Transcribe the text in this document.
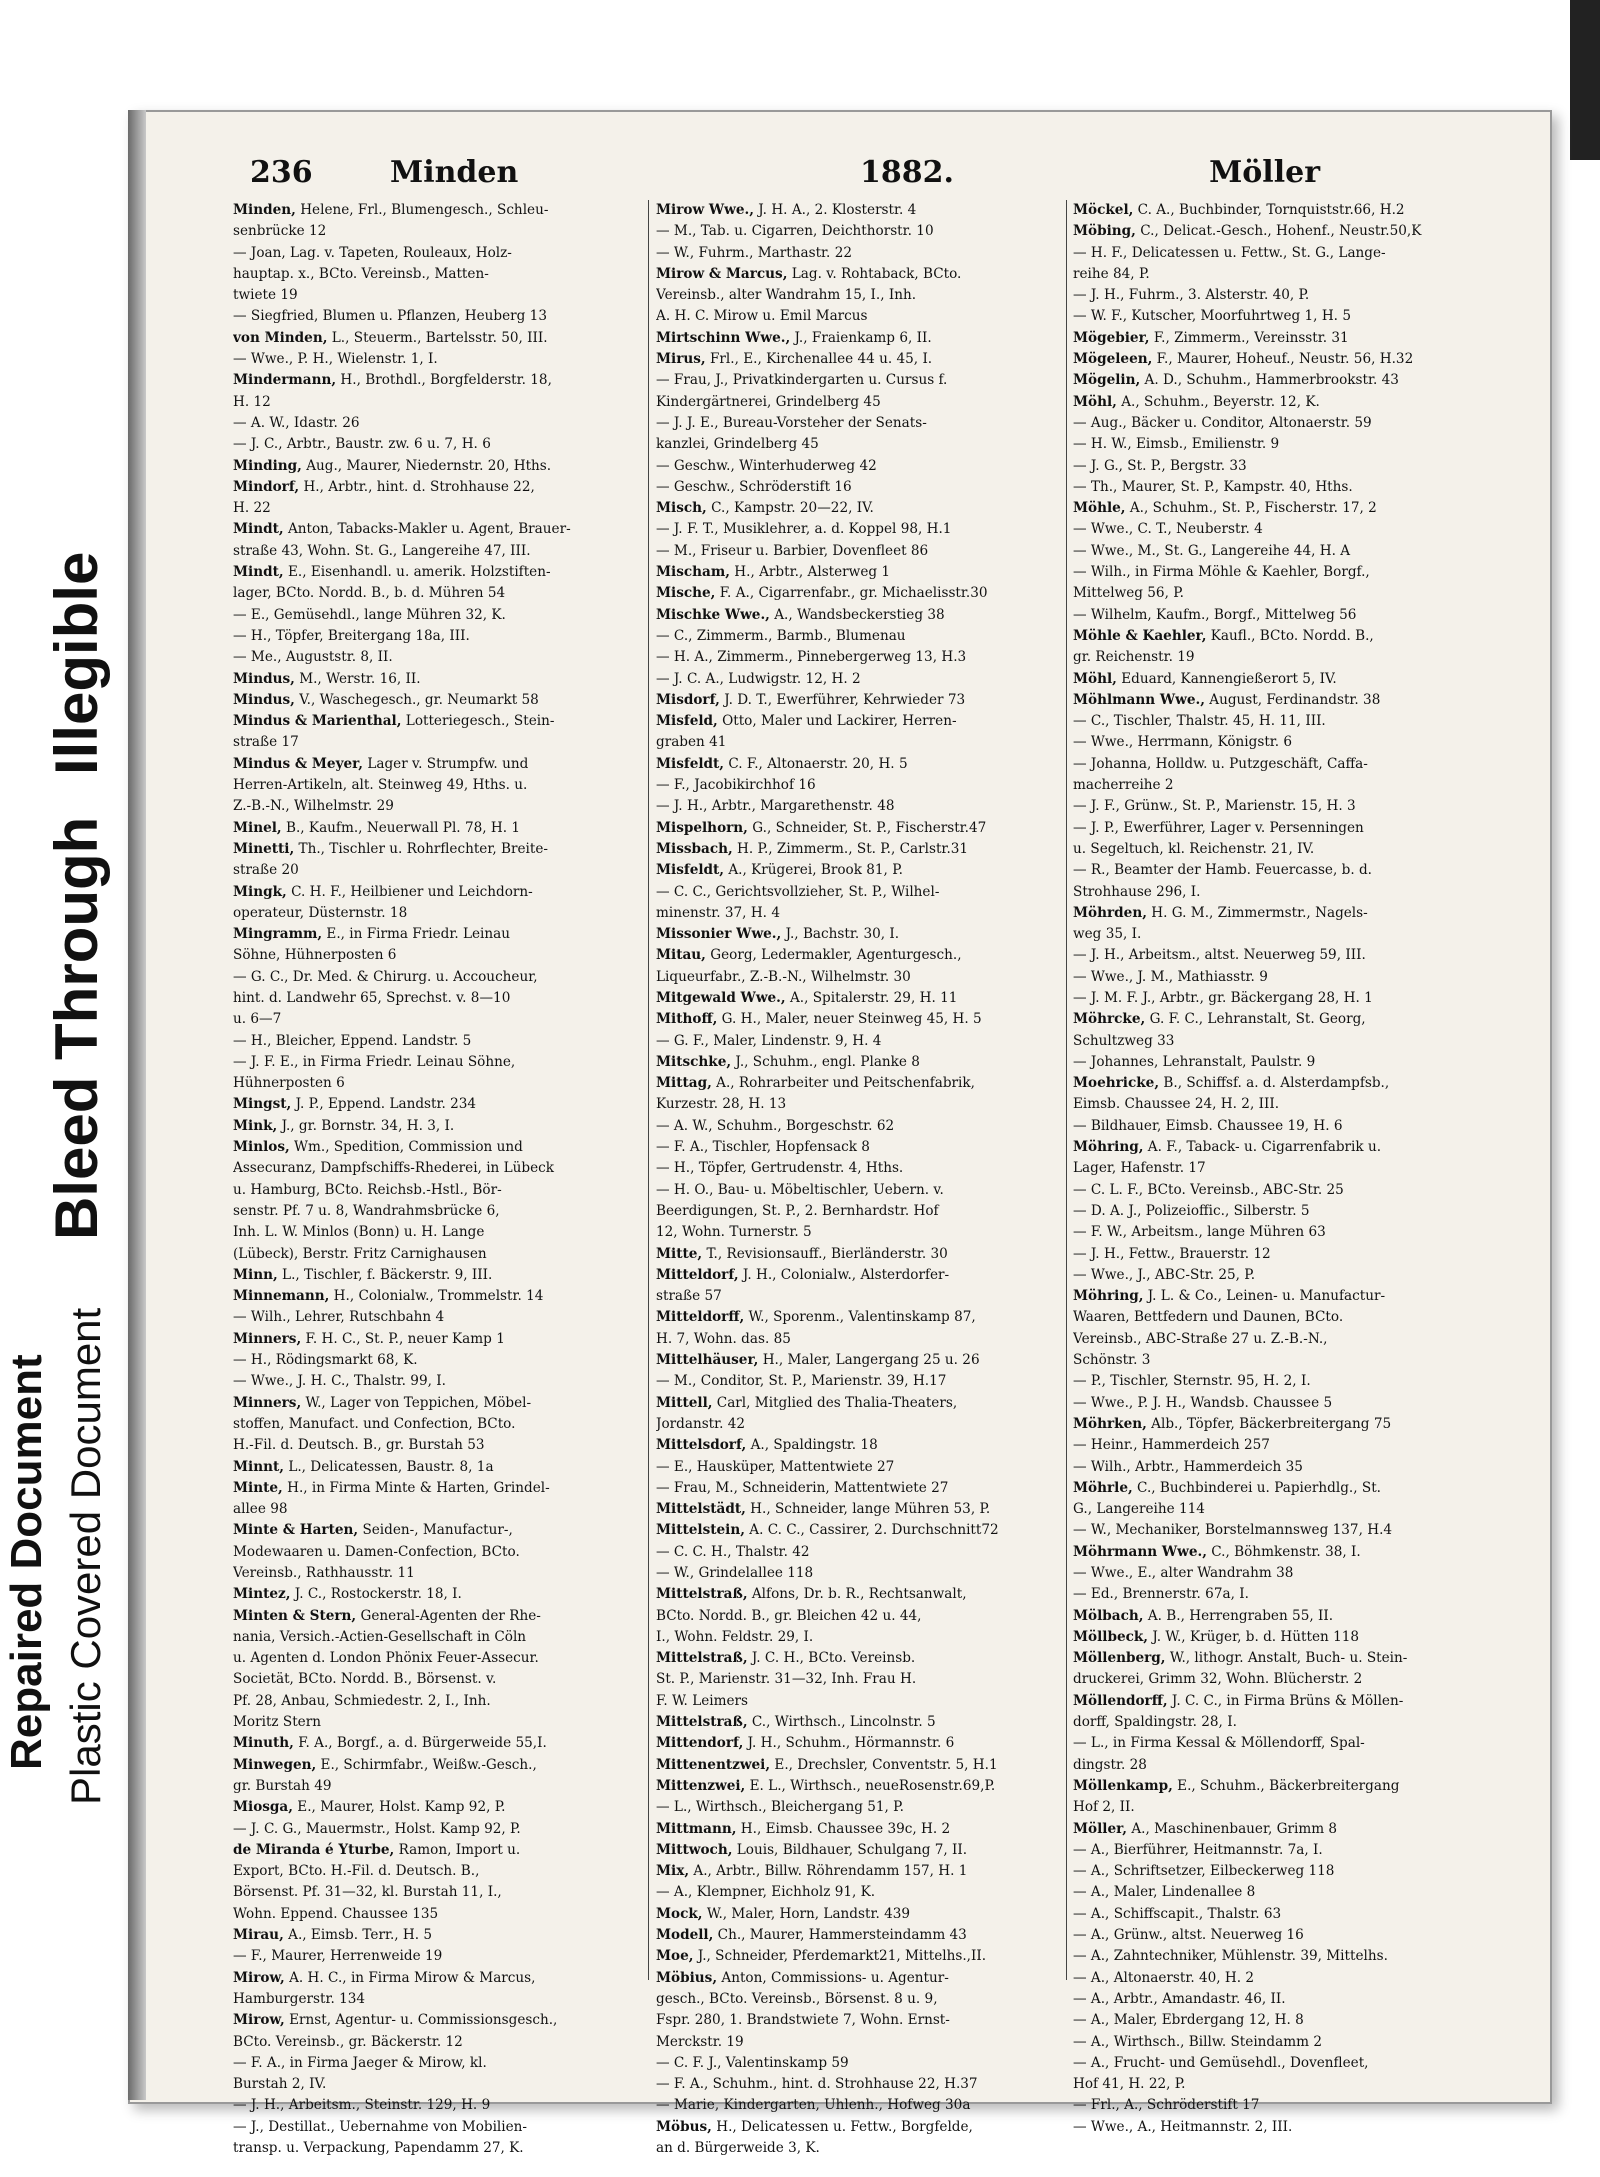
Repaired Document Plastic Covered Document
Bleed Through
Illegible
236	Minden	1882.	Möller
Minden, Helene, Frl., Blumengesch., Schleu-
senbrücke 12
— Joan, Lag. v. Tapeten, Rouleaux, Holz-
hauptap. x., BCto. Vereinsb., Matten-
twiete 19
— Siegfried, Blumen u. Pflanzen, Heuberg 13
von Minden, L., Steuerm., Bartelsstr. 50, III.
— Wwe., P. H., Wielenstr. 1, I.
Mindermann, H., Brothdl., Borgfelderstr. 18,
H. 12
— A. W., Idastr. 26
— J. C., Arbtr., Baustr. zw. 6 u. 7, H. 6
Minding, Aug., Maurer, Niedernstr. 20, Hths.
Mindorf, H., Arbtr., hint. d. Strohhause 22,
H. 22
Mindt, Anton, Tabacks-Makler u. Agent, Brauer-
straße 43, Wohn. St. G., Langereihe 47, III.
Mindt, E., Eisenhandl. u. amerik. Holzstiften-
lager, BCto. Nordd. B., b. d. Mühren 54
— E., Gemüsehdl., lange Mühren 32, K.
— H., Töpfer, Breitergang 18a, III.
— Me., Auguststr. 8, II.
Mindus, M., Werstr. 16, II.
Mindus, V., Waschegesch., gr. Neumarkt 58
Mindus & Marienthal, Lotteriegesch., Stein-
straße 17
Mindus & Meyer, Lager v. Strumpfw. und
Herren-Artikeln, alt. Steinweg 49, Hths. u.
Z.-B.-N., Wilhelmstr. 29
Minel, B., Kaufm., Neuerwall Pl. 78, H. 1
Minetti, Th., Tischler u. Rohrflechter, Breite-
straße 20
Mingk, C. H. F., Heilbiener und Leichdorn-
operateur, Düsternstr. 18
Mingramm, E., in Firma Friedr. Leinau
Söhne, Hühnerposten 6
— G. C., Dr. Med. & Chirurg. u. Accoucheur,
hint. d. Landwehr 65, Sprechst. v. 8—10
u. 6—7
— H., Bleicher, Eppend. Landstr. 5
— J. F. E., in Firma Friedr. Leinau Söhne,
Hühnerposten 6
Mingst, J. P., Eppend. Landstr. 234
Mink, J., gr. Bornstr. 34, H. 3, I.
Minlos, Wm., Spedition, Commission und
Assecuranz, Dampfschiffs-Rhederei, in Lübeck
u. Hamburg, BCto. Reichsb.-Hstl., Bör-
senstr. Pf. 7 u. 8, Wandrahmsbrücke 6,
Inh. L. W. Minlos (Bonn) u. H. Lange
(Lübeck), Berstr. Fritz Carnighausen
Minn, L., Tischler, f. Bäckerstr. 9, III.
Minnemann, H., Colonialw., Trommelstr. 14
— Wilh., Lehrer, Rutschbahn 4
Minners, F. H. C., St. P., neuer Kamp 1
— H., Rödingsmarkt 68, K.
— Wwe., J. H. C., Thalstr. 99, I.
Minners, W., Lager von Teppichen, Möbel-
stoffen, Manufact. und Confection, BCto.
H.-Fil. d. Deutsch. B., gr. Burstah 53
Minnt, L., Delicatessen, Baustr. 8, 1a
Minte, H., in Firma Minte & Harten, Grindel-
allee 98
Minte & Harten, Seiden-, Manufactur-,
Modewaaren u. Damen-Confection, BCto.
Vereinsb., Rathhausstr. 11
Mintez, J. C., Rostockerstr. 18, I.
Minten & Stern, General-Agenten der Rhe-
nania, Versich.-Actien-Gesellschaft in Cöln
u. Agenten d. London Phönix Feuer-Assecur.
Societät, BCto. Nordd. B., Börsenst. v.
Pf. 28, Anbau, Schmiedestr. 2, I., Inh.
Moritz Stern
Minuth, F. A., Borgf., a. d. Bürgerweide 55,I.
Minwegen, E., Schirmfabr., Weißw.-Gesch.,
gr. Burstah 49
Miosga, E., Maurer, Holst. Kamp 92, P.
— J. C. G., Mauermstr., Holst. Kamp 92, P.
de Miranda é Yturbe, Ramon, Import u.
Export, BCto. H.-Fil. d. Deutsch. B.,
Börsenst. Pf. 31—32, kl. Burstah 11, I.,
Wohn. Eppend. Chaussee 135
Mirau, A., Eimsb. Terr., H. 5
— F., Maurer, Herrenweide 19
Mirow, A. H. C., in Firma Mirow & Marcus,
Hamburgerstr. 134
Mirow, Ernst, Agentur- u. Commissionsgesch.,
BCto. Vereinsb., gr. Bäckerstr. 12
— F. A., in Firma Jaeger & Mirow, kl.
Burstah 2, IV.
— J. H., Arbeitsm., Steinstr. 129, H. 9
— J., Destillat., Uebernahme von Mobilien-
transp. u. Verpackung, Papendamm 27, K.
Mirow Wwe., J. H. A., 2. Klosterstr. 4
— M., Tab. u. Cigarren, Deichthorstr. 10
— W., Fuhrm., Marthastr. 22
Mirow & Marcus, Lag. v. Rohtaback, BCto.
Vereinsb., alter Wandrahm 15, I., Inh.
A. H. C. Mirow u. Emil Marcus
Mirtschinn Wwe., J., Fraienkamp 6, II.
Mirus, Frl., E., Kirchenallee 44 u. 45, I.
— Frau, J., Privatkindergarten u. Cursus f.
Kindergärtnerei, Grindelberg 45
— J. J. E., Bureau-Vorsteher der Senats-
kanzlei, Grindelberg 45
— Geschw., Winterhuderweg 42
— Geschw., Schröderstift 16
Misch, C., Kampstr. 20—22, IV.
— J. F. T., Musiklehrer, a. d. Koppel 98, H.1
— M., Friseur u. Barbier, Dovenfleet 86
Mischam, H., Arbtr., Alsterweg 1
Mische, F. A., Cigarrenfabr., gr. Michaelisstr.30
Mischke Wwe., A., Wandsbeckerstieg 38
— C., Zimmerm., Barmb., Blumenau
— H. A., Zimmerm., Pinnebergerweg 13, H.3
— J. C. A., Ludwigstr. 12, H. 2
Misdorf, J. D. T., Ewerführer, Kehrwieder 73
Misfeld, Otto, Maler und Lackirer, Herren-
graben 41
Misfeldt, C. F., Altonaerstr. 20, H. 5
— F., Jacobikirchhof 16
— J. H., Arbtr., Margarethenstr. 48
Mispelhorn, G., Schneider, St. P., Fischerstr.47
Missbach, H. P., Zimmerm., St. P., Carlstr.31
Misfeldt, A., Krügerei, Brook 81, P.
— C. C., Gerichtsvollzieher, St. P., Wilhel-
minenstr. 37, H. 4
Missonier Wwe., J., Bachstr. 30, I.
Mitau, Georg, Ledermakler, Agenturgesch.,
Liqueurfabr., Z.-B.-N., Wilhelmstr. 30
Mitgewald Wwe., A., Spitalerstr. 29, H. 11
Mithoff, G. H., Maler, neuer Steinweg 45, H. 5
— G. F., Maler, Lindenstr. 9, H. 4
Mitschke, J., Schuhm., engl. Planke 8
Mittag, A., Rohrarbeiter und Peitschenfabrik,
Kurzestr. 28, H. 13
— A. W., Schuhm., Borgeschstr. 62
— F. A., Tischler, Hopfensack 8
— H., Töpfer, Gertrudenstr. 4, Hths.
— H. O., Bau- u. Möbeltischler, Uebern. v.
Beerdigungen, St. P., 2. Bernhardstr. Hof
12, Wohn. Turnerstr. 5
Mitte, T., Revisionsauff., Bierländerstr. 30
Mitteldorf, J. H., Colonialw., Alsterdorfer-
straße 57
Mitteldorff, W., Sporenm., Valentinskamp 87,
H. 7, Wohn. das. 85
Mittelhäuser, H., Maler, Langergang 25 u. 26
— M., Conditor, St. P., Marienstr. 39, H.17
Mittell, Carl, Mitglied des Thalia-Theaters,
Jordanstr. 42
Mittelsdorf, A., Spaldingstr. 18
— E., Hausküper, Mattentwiete 27
— Frau, M., Schneiderin, Mattentwiete 27
Mittelstädt, H., Schneider, lange Mühren 53, P.
Mittelstein, A. C. C., Cassirer, 2. Durchschnitt72
— C. C. H., Thalstr. 42
— W., Grindelallee 118
Mittelstraß, Alfons, Dr. b. R., Rechtsanwalt,
BCto. Nordd. B., gr. Bleichen 42 u. 44,
I., Wohn. Feldstr. 29, I.
Mittelstraß, J. C. H., BCto. Vereinsb.
St. P., Marienstr. 31—32, Inh. Frau H.
F. W. Leimers
Mittelstraß, C., Wirthsch., Lincolnstr. 5
Mittendorf, J. H., Schuhm., Hörmannstr. 6
Mittenentzwei, E., Drechsler, Conventstr. 5, H.1
Mittenzwei, E. L., Wirthsch., neueRosenstr.69,P.
— L., Wirthsch., Bleichergang 51, P.
Mittmann, H., Eimsb. Chaussee 39c, H. 2
Mittwoch, Louis, Bildhauer, Schulgang 7, II.
Mix, A., Arbtr., Billw. Röhrendamm 157, H. 1
— A., Klempner, Eichholz 91, K.
Mock, W., Maler, Horn, Landstr. 439
Modell, Ch., Maurer, Hammersteindamm 43
Moe, J., Schneider, Pferdemarkt21, Mittelhs.,II.
Möbius, Anton, Commissions- u. Agentur-
gesch., BCto. Vereinsb., Börsenst. 8 u. 9,
Fspr. 280, 1. Brandstwiete 7, Wohn. Ernst-
Merckstr. 19
— C. F. J., Valentinskamp 59
— F. A., Schuhm., hint. d. Strohhause 22, H.37
— Marie, Kindergarten, Uhlenh., Hofweg 30a
Möbus, H., Delicatessen u. Fettw., Borgfelde,
an d. Bürgerweide 3, K.
Möckel, C. A., Buchbinder, Tornquiststr.66, H.2
Möbing, C., Delicat.-Gesch., Hohenf., Neustr.50,K
— H. F., Delicatessen u. Fettw., St. G., Lange-
reihe 84, P.
— J. H., Fuhrm., 3. Alsterstr. 40, P.
— W. F., Kutscher, Moorfuhrtweg 1, H. 5
Mögebier, F., Zimmerm., Vereinsstr. 31
Mögeleen, F., Maurer, Hoheuf., Neustr. 56, H.32
Mögelin, A. D., Schuhm., Hammerbrookstr. 43
Möhl, A., Schuhm., Beyerstr. 12, K.
— Aug., Bäcker u. Conditor, Altonaerstr. 59
— H. W., Eimsb., Emilienstr. 9
— J. G., St. P., Bergstr. 33
— Th., Maurer, St. P., Kampstr. 40, Hths.
Möhle, A., Schuhm., St. P., Fischerstr. 17, 2
— Wwe., C. T., Neuberstr. 4
— Wwe., M., St. G., Langereihe 44, H. A
— Wilh., in Firma Möhle & Kaehler, Borgf.,
Mittelweg 56, P.
— Wilhelm, Kaufm., Borgf., Mittelweg 56
Möhle & Kaehler, Kaufl., BCto. Nordd. B.,
gr. Reichenstr. 19
Möhl, Eduard, Kannengießerort 5, IV.
Möhlmann Wwe., August, Ferdinandstr. 38
— C., Tischler, Thalstr. 45, H. 11, III.
— Wwe., Herrmann, Königstr. 6
— Johanna, Holldw. u. Putzgeschäft, Caffa-
macherreihe 2
— J. F., Grünw., St. P., Marienstr. 15, H. 3
— J. P., Ewerführer, Lager v. Persenningen
u. Segeltuch, kl. Reichenstr. 21, IV.
— R., Beamter der Hamb. Feuercasse, b. d.
Strohhause 296, I.
Möhrden, H. G. M., Zimmermstr., Nagels-
weg 35, I.
— J. H., Arbeitsm., altst. Neuerweg 59, III.
— Wwe., J. M., Mathiasstr. 9
— J. M. F. J., Arbtr., gr. Bäckergang 28, H. 1
Möhrcke, G. F. C., Lehranstalt, St. Georg,
Schultzweg 33
— Johannes, Lehranstalt, Paulstr. 9
Moehricke, B., Schiffsf. a. d. Alsterdampfsb.,
Eimsb. Chaussee 24, H. 2, III.
— Bildhauer, Eimsb. Chaussee 19, H. 6
Möhring, A. F., Taback- u. Cigarrenfabrik u.
Lager, Hafenstr. 17
— C. L. F., BCto. Vereinsb., ABC-Str. 25
— D. A. J., Polizeioffic., Silberstr. 5
— F. W., Arbeitsm., lange Mühren 63
— J. H., Fettw., Brauerstr. 12
— Wwe., J., ABC-Str. 25, P.
Möhring, J. L. & Co., Leinen- u. Manufactur-
Waaren, Bettfedern und Daunen, BCto.
Vereinsb., ABC-Straße 27 u. Z.-B.-N.,
Schönstr. 3
— P., Tischler, Sternstr. 95, H. 2, I.
— Wwe., P. J. H., Wandsb. Chaussee 5
Möhrken, Alb., Töpfer, Bäckerbreitergang 75
— Heinr., Hammerdeich 257
— Wilh., Arbtr., Hammerdeich 35
Möhrle, C., Buchbinderei u. Papierhdlg., St.
G., Langereihe 114
— W., Mechaniker, Borstelmannsweg 137, H.4
Möhrmann Wwe., C., Böhmkenstr. 38, I.
— Wwe., E., alter Wandrahm 38
— Ed., Brennerstr. 67a, I.
Mölbach, A. B., Herrengraben 55, II.
Möllbeck, J. W., Krüger, b. d. Hütten 118
Möllenberg, W., lithogr. Anstalt, Buch- u. Stein-
druckerei, Grimm 32, Wohn. Blücherstr. 2
Möllendorff, J. C. C., in Firma Brüns & Möllen-
dorff, Spaldingstr. 28, I.
— L., in Firma Kessal & Möllendorff, Spal-
dingstr. 28
Möllenkamp, E., Schuhm., Bäckerbreitergang
Hof 2, II.
Möller, A., Maschinenbauer, Grimm 8
— A., Bierführer, Heitmannstr. 7a, I.
— A., Schriftsetzer, Eilbeckerweg 118
— A., Maler, Lindenallee 8
— A., Schiffscapit., Thalstr. 63
— A., Grünw., altst. Neuerweg 16
— A., Zahntechniker, Mühlenstr. 39, Mittelhs.
— A., Altonaerstr. 40, H. 2
— A., Arbtr., Amandastr. 46, II.
— A., Maler, Ebrdergang 12, H. 8
— A., Wirthsch., Billw. Steindamm 2
— A., Frucht- und Gemüsehdl., Dovenfleet,
Hof 41, H. 22, P.
— Frl., A., Schröderstift 17
— Wwe., A., Heitmannstr. 2, III.
